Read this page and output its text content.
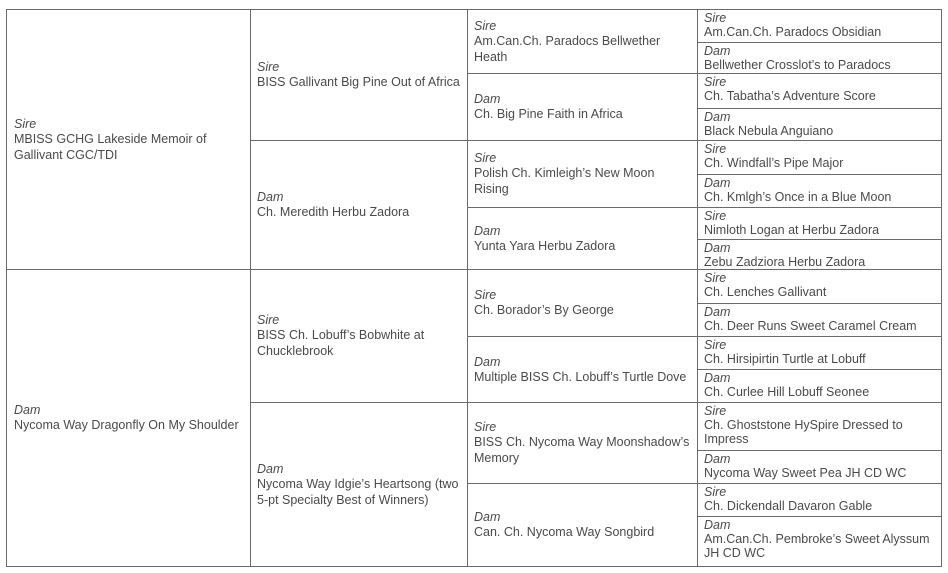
Sire
MBISS GCHG Lakeside Memoir of Gallivant CGC/TDI
Dam
Nycoma Way Dragonfly On My Shoulder
Sire
BISS Gallivant Big Pine Out of Africa
Dam
Ch. Meredith Herbu Zadora
Sire
BISS Ch. Lobuff’s Bobwhite at Chucklebrook
Dam
Nycoma Way Idgie’s Heartsong (two 5-pt Specialty Best of Winners)
Sire
Am.Can.Ch. Paradocs Bellwether Heath
Dam
Ch. Big Pine Faith in Africa
Sire
Polish Ch. Kimleigh’s New Moon Rising
Dam
Yunta Yara Herbu Zadora
Sire
Ch. Borador’s By George
Dam
Multiple BISS Ch. Lobuff’s Turtle Dove
Sire
BISS Ch. Nycoma Way Moonshadow’s Memory
Dam
Can. Ch. Nycoma Way Songbird
Sire
Am.Can.Ch. Paradocs Obsidian
Dam
Bellwether Crosslot’s to Paradocs
Sire
Ch. Tabatha’s Adventure Score
Dam
Black Nebula Anguiano
Sire
Ch. Windfall’s Pipe Major
Dam
Ch. Kmlgh’s Once in a Blue Moon
Sire
Nimloth Logan at Herbu Zadora
Dam
Zebu Zadziora Herbu Zadora
Sire
Ch. Lenches Gallivant
Dam
Ch. Deer Runs Sweet Caramel Cream
Sire
Ch. Hirsipirtin Turtle at Lobuff
Dam
Ch. Curlee Hill Lobuff Seonee
Sire
Ch. Ghoststone HySpire Dressed to Impress
Dam
Nycoma Way Sweet Pea JH CD WC
Sire
Ch. Dickendall Davaron Gable
Dam
Am.Can.Ch. Pembroke’s Sweet Alyssum JH CD WC
